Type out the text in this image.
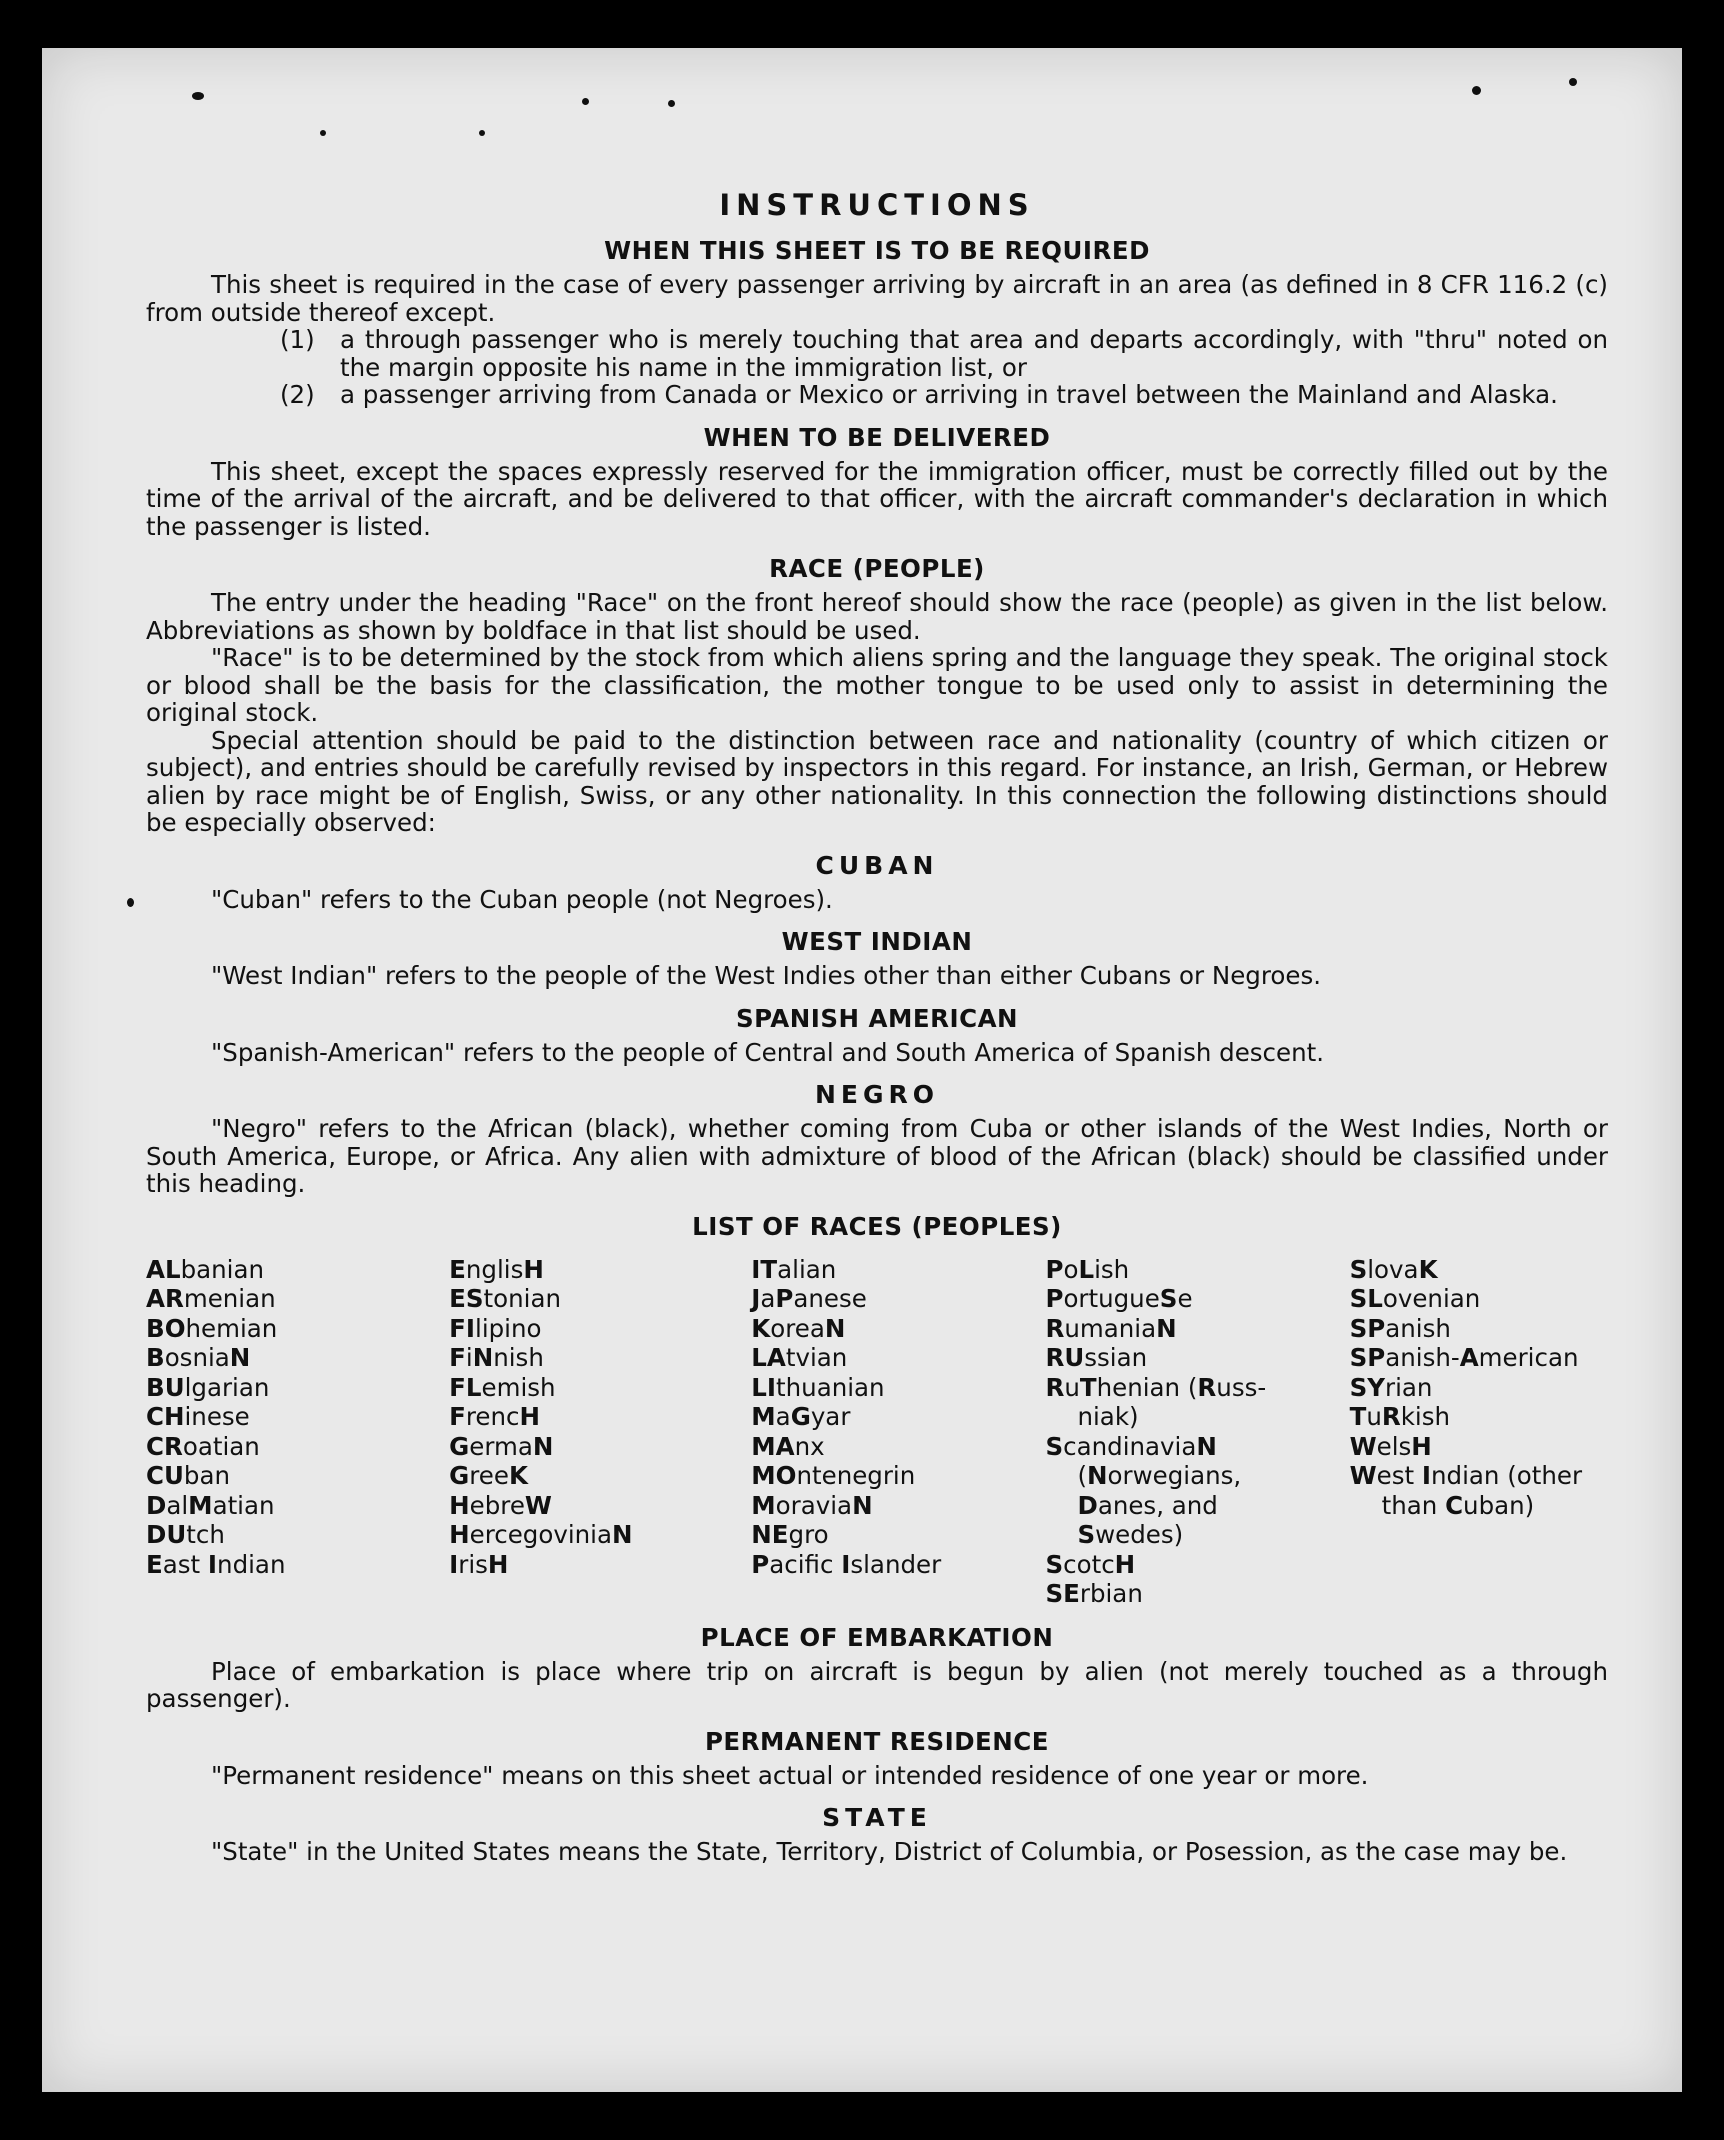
INSTRUCTIONS
WHEN THIS SHEET IS TO BE REQUIRED

This sheet is required in the case of every passenger arriving by aircraft in an area (as defined in 8 CFR 116.2 (c) from outside thereof except.

(1)	a through passenger who is merely touching that area and departs accordingly, with "thru" noted on the margin opposite his name in the immigration list, or
(2)	a passenger arriving from Canada or Mexico or arriving in travel between the Mainland and Alaska.
WHEN TO BE DELIVERED

This sheet, except the spaces expressly reserved for the immigration officer, must be correctly filled out by the time of the arrival of the aircraft, and be delivered to that officer, with the aircraft commander's declaration in which the passenger is listed.

RACE (PEOPLE)

The entry under the heading "Race" on the front hereof should show the race (people) as given in the list below. Abbreviations as shown by boldface in that list should be used.

"Race" is to be determined by the stock from which aliens spring and the language they speak. The original stock or blood shall be the basis for the classification, the mother tongue to be used only to assist in determining the original stock.

Special attention should be paid to the distinction between race and nationality (country of which citizen or subject), and entries should be carefully revised by inspectors in this regard. For instance, an Irish, German, or Hebrew alien by race might be of English, Swiss, or any other nationality. In this connection the following distinctions should be especially observed:

CUBAN

"Cuban" refers to the Cuban people (not Negroes).

WEST INDIAN

"West Indian" refers to the people of the West Indies other than either Cubans or Negroes.

SPANISH AMERICAN

"Spanish-American" refers to the people of Central and South America of Spanish descent.

NEGRO

"Negro" refers to the African (black), whether coming from Cuba or other islands of the West Indies, North or South America, Europe, or Africa. Any alien with admixture of blood of the African (black) should be classified under this heading.

LIST OF RACES (PEOPLES)
ALbanian
ARmenian
BOhemian
BosniaN
BUlgarian
CHinese
CRoatian
CUban
DalMatian
DUtch
East Indian
EnglisH
EStonian
FIlipino
FiNnish
FLemish
FrencH
GermaN
GreeK
HebreW
HercegoviniaN
IrisH
ITalian
JaPanese
KoreaN
LAtvian
LIthuanian
MaGyar
MAnx
MOntenegrin
MoraviaN
NEgro
Pacific Islander
PoLish
PortugueSe
RumaniaN
RUssian
RuThenian (Russ-
niak)
ScandinaviaN
(Norwegians,
Danes, and
Swedes)
ScotcH
SErbian
SlovaK
SLovenian
SPanish
SPanish-American
SYrian
TuRkish
WelsH
West Indian (other
than Cuban)
PLACE OF EMBARKATION

Place of embarkation is place where trip on aircraft is begun by alien (not merely touched as a through passenger).

PERMANENT RESIDENCE

"Permanent residence" means on this sheet actual or intended residence of one year or more.

STATE

"State" in the United States means the State, Territory, District of Columbia, or Posession, as the case may be.
